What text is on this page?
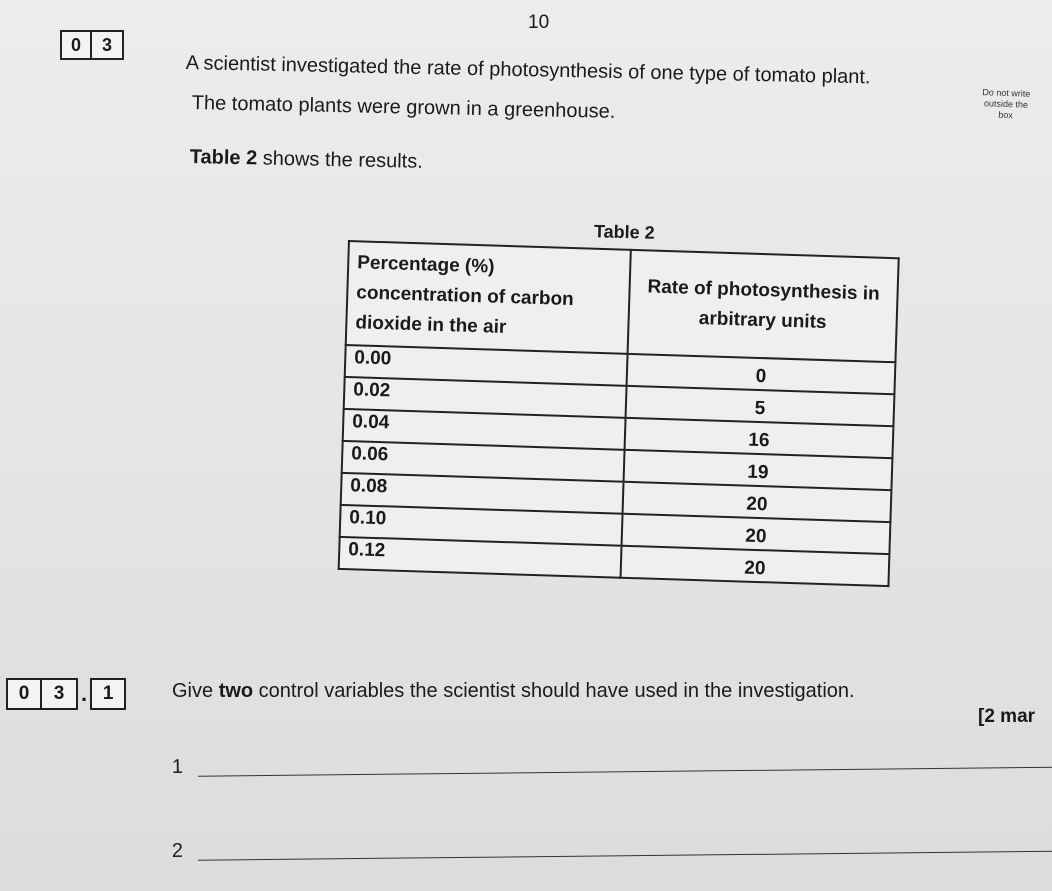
10
0	3
A scientist investigated the rate of photosynthesis of one type of tomato plant.
The tomato plants were grown in a greenhouse.
Table 2 shows the results.
Do not write
outside the
box
Table 2
Percentage (%) concentration of carbon dioxide in the air	Rate of photosynthesis in arbitrary units
0.00	0
0.02	5
0.04	16
0.06	19
0.08	20
0.10	20
0.12	20
0	3 . 1	Give two control variables the scientist should have used in the investigation.
[2 mar
1
2
